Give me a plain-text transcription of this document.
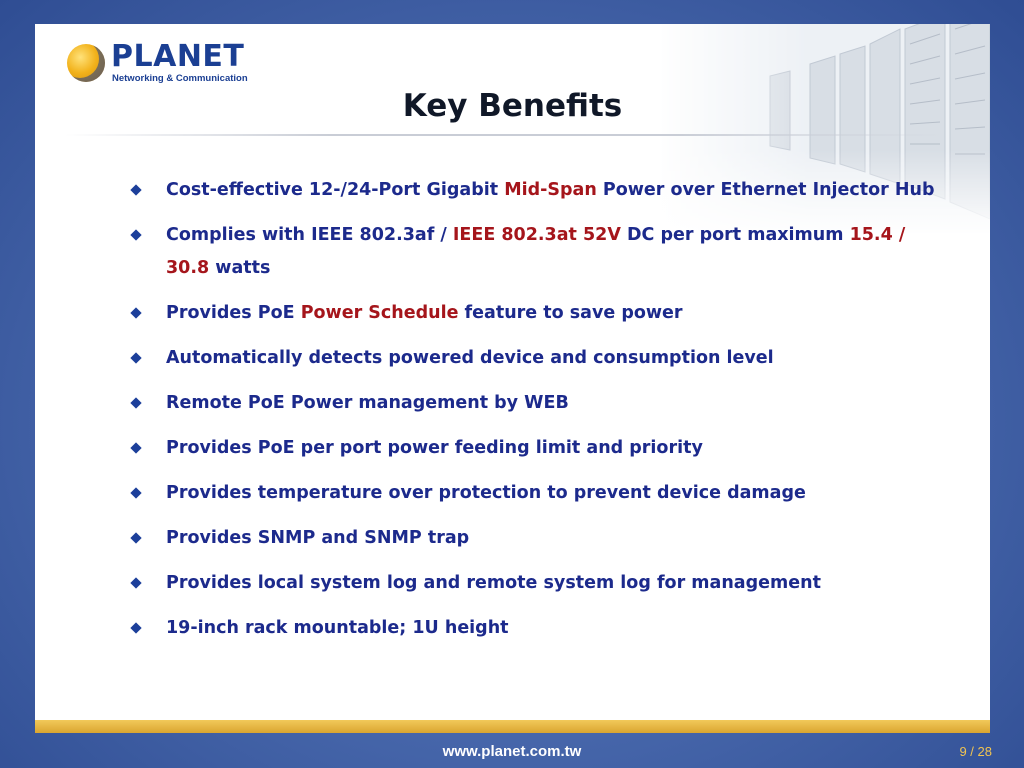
PLANET
Networking & Communication
Key Benefits
Cost-effective 12-/24-Port Gigabit Mid-Span Power over Ethernet Injector Hub
Complies with IEEE 802.3af / IEEE 802.3at 52V DC per port maximum 15.4 / 30.8 watts
Provides PoE Power Schedule feature to save power
Automatically detects powered device and consumption level
Remote PoE Power management by WEB
Provides PoE per port power feeding limit and priority
Provides temperature over protection to prevent device damage
Provides SNMP and SNMP trap
Provides local system log and remote system log for management
19-inch rack mountable; 1U height
www.planet.com.tw	9 / 28
